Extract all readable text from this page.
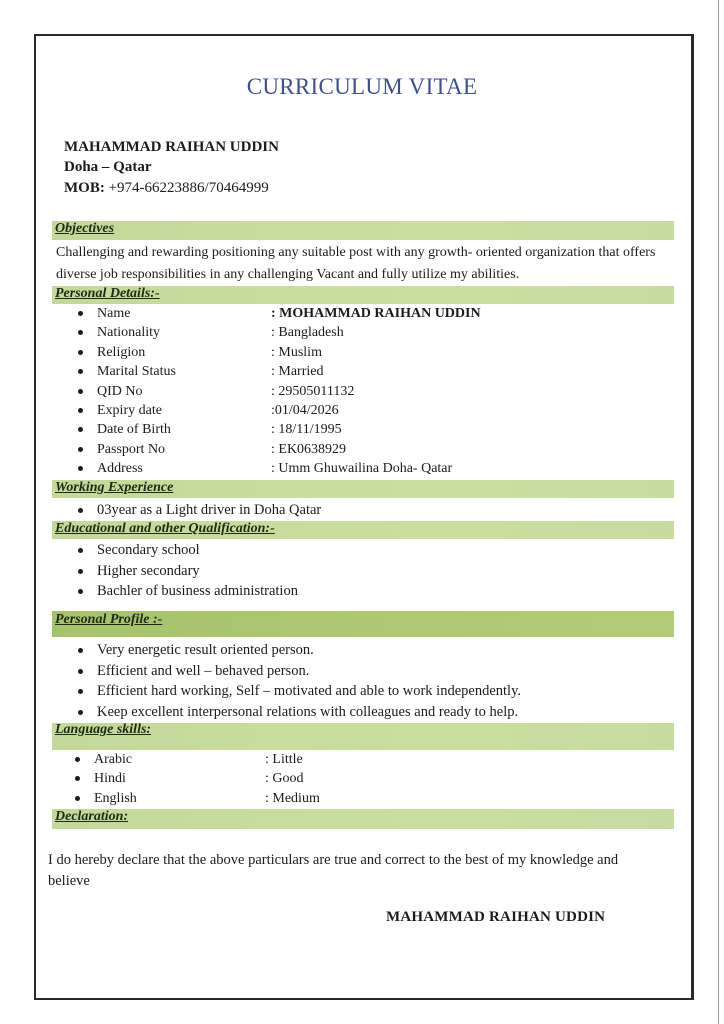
CURRICULUM VITAE
MAHAMMAD RAIHAN UDDIN
Doha – Qatar
MOB: +974-66223886/70464999
Objectives
Challenging and rewarding positioning any suitable post with any growth- oriented organization that offers diverse job responsibilities in any challenging Vacant and fully utilize my abilities.
Personal Details:-
Name	: MOHAMMAD RAIHAN UDDIN
Nationality	: Bangladesh
Religion	: Muslim
Marital Status	: Married
QID No	: 29505011132
Expiry date	:01/04/2026
Date of Birth	: 18/11/1995
Passport No	: EK0638929
Address	: Umm Ghuwailina Doha- Qatar
Working Experience
03year as a Light driver in Doha Qatar
Educational and other Qualification:-
Secondary school
Higher secondary
Bachler of business administration
Personal Profile :-
Very energetic result oriented person.
Efficient and well – behaved person.
Efficient hard working, Self – motivated and able to work independently.
Keep excellent interpersonal relations with colleagues and ready to help.
Language skills:
Arabic	: Little
Hindi	: Good
English	: Medium
Declaration:
I do hereby declare that the above particulars are true and correct to the best of my knowledge and believe
MAHAMMAD RAIHAN UDDIN
